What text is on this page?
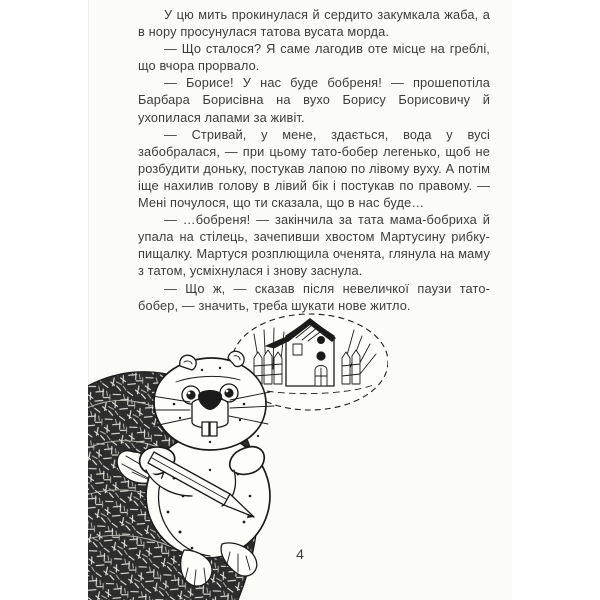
У цю мить прокинулася й сердито закумкала жаба, а в нору просунулася татова вусата морда.

— Що сталося? Я саме лагодив оте місце на греблі, що вчора прорвало.

— Борисе! У нас буде бобреня! — прошепотіла Барбара Борисівна на вухо Борису Борисовичу й ухопилася лапами за живіт.

— Стривай, у мене, здається, вода у вусі забобралася, — при цьому тато-бобер легенько, щоб не розбудити доньку, постукав лапою по лівому вуху. А потім іще нахилив голову в лівий бік і постукав по правому. — Мені почулося, що ти сказала, що в нас буде…

— …бобреня! — закінчила за тата мама-бобриха й упала на стілець, зачепивши хвостом Мартусину рибку-пищалку. Мартуся розплющила оченята, глянула на маму з татом, усміхнулася і знову заснула.

— Що ж, — сказав після невеличкої паузи тато-бобер, — значить, треба шукати нове житло.

4
